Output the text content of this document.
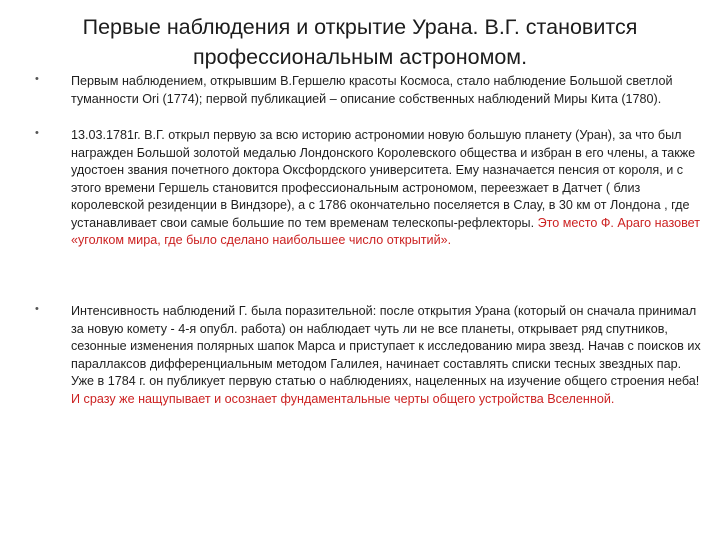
Первые наблюдения и открытие Урана. В.Г. становится профессиональным астрономом.
•	Первым наблюдением, открывшим В.Гершелю красоты Космоса, стало наблюдение Большой светлой туманности Ori (1774); первой публикацией – описание собственных наблюдений Миры Кита (1780).
•	13.03.1781г. В.Г. открыл первую за всю историю астрономии новую большую планету (Уран), за что был награжден Большой золотой медалью Лондонского Королевского общества и избран в его члены, а также удостоен звания почетного доктора Оксфордского университета. Ему назначается пенсия от короля, и с этого времени Гершель становится профессиональным астрономом, переезжает в Датчет ( близ королевской резиденции в Виндзоре), а с 1786 окончательно поселяется в Слау, в 30 км от Лондона , где устанавливает свои самые большие по тем временам телескопы-рефлекторы. Это место Ф. Араго назовет «уголком мира, где было сделано наибольшее число открытий».
•	Интенсивность наблюдений Г. была поразительной: после открытия Урана (который он сначала принимал за новую комету - 4-я опубл. работа) он наблюдает чуть ли не все планеты, открывает ряд спутников, сезонные изменения полярных шапок Марса и приступает к исследованию мира звезд. Начав с поисков их параллаксов дифференциальным методом Галилея, начинает составлять списки тесных звездных пар. Уже в 1784 г. он публикует первую статью о наблюдениях, нацеленных на изучение общего строения неба! И сразу же нащупывает и осознает фундаментальные черты общего устройства Вселенной.
